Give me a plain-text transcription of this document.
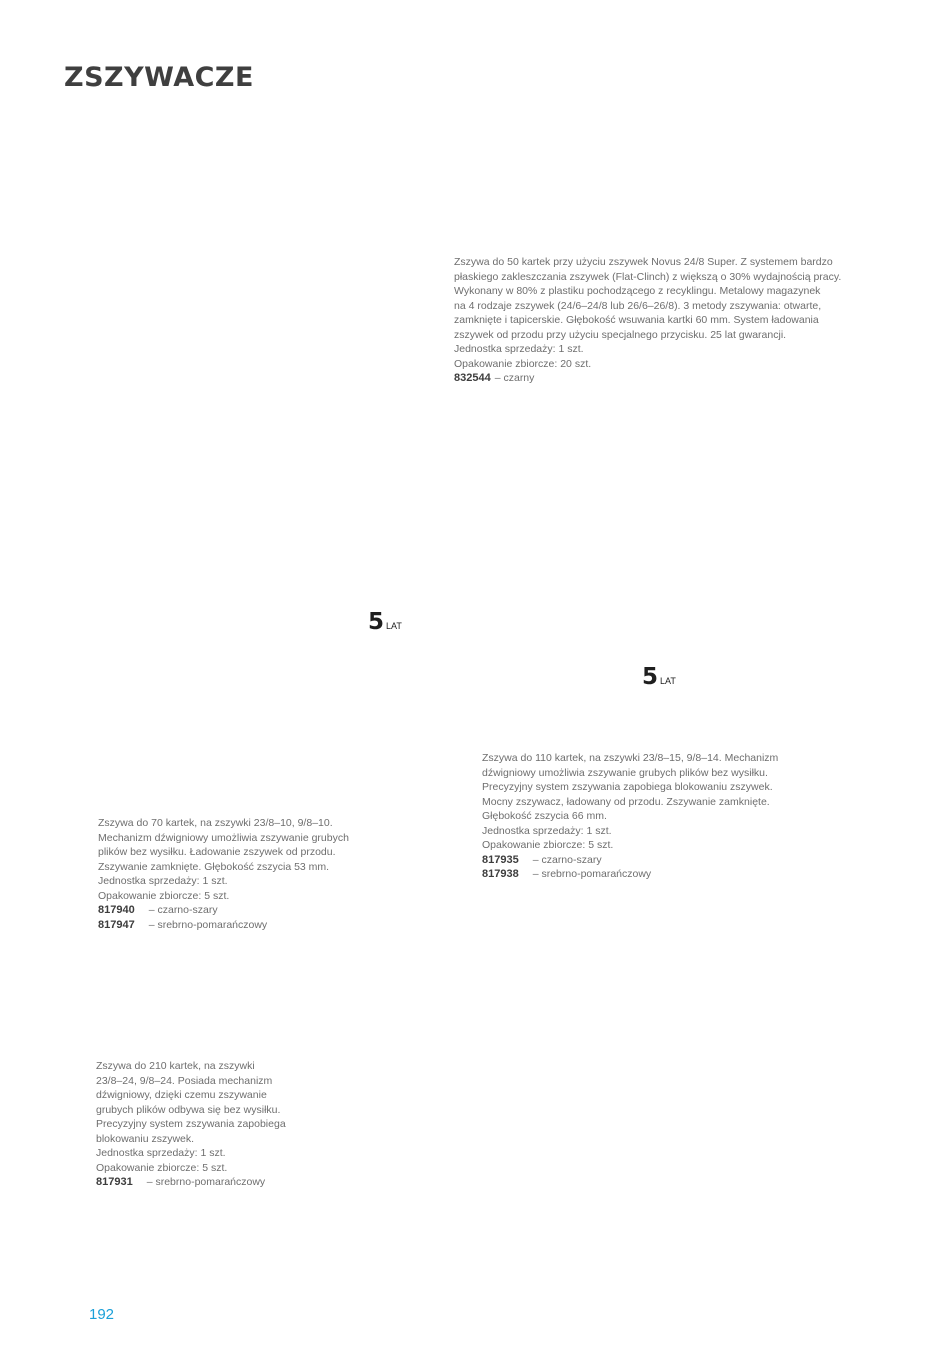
ZSZYWACZE

Zszywa do 50 kartek przy użyciu zszywek Novus 24/8 Super. Z systemem bardzo
płaskiego zakleszczania zszywek (Flat-Clinch) z większą o 30% wydajnością pracy.
Wykonany w 80% z plastiku pochodzącego z recyklingu. Metalowy magazynek
na 4 rodzaje zszywek (24/6–24/8 lub 26/6–26/8). 3 metody zszywania: otwarte,
zamknięte i tapicerskie. Głębokość wsuwania kartki 60 mm. System ładowania
zszywek od przodu przy użyciu specjalnego przycisku. 25 lat gwarancji.
Jednostka sprzedaży: 1 szt.
Opakowanie zbiorcze: 20 szt.

832544 – czarny
5 LAT
5 LAT

Zszywa do 110 kartek, na zszywki 23/8–15, 9/8–14. Mechanizm
dźwigniowy umożliwia zszywanie grubych plików bez wysiłku.
Precyzyjny system zszywania zapobiega blokowaniu zszywek.
Mocny zszywacz, ładowany od przodu. Zszywanie zamknięte.
Głębokość zszycia 66 mm.
Jednostka sprzedaży: 1 szt.
Opakowanie zbiorcze: 5 szt.

817935 – czarno-szary
817938 – srebrno-pomarańczowy

Zszywa do 70 kartek, na zszywki 23/8–10, 9/8–10.
Mechanizm dźwigniowy umożliwia zszywanie grubych
plików bez wysiłku. Ładowanie zszywek od przodu.
Zszywanie zamknięte. Głębokość zszycia 53 mm.
Jednostka sprzedaży: 1 szt.
Opakowanie zbiorcze: 5 szt.

817940 – czarno-szary
817947 – srebrno-pomarańczowy

Zszywa do 210 kartek, na zszywki
23/8–24, 9/8–24. Posiada mechanizm
dźwigniowy, dzięki czemu zszywanie
grubych plików odbywa się bez wysiłku.
Precyzyjny system zszywania zapobiega
blokowaniu zszywek.
Jednostka sprzedaży: 1 szt.
Opakowanie zbiorcze: 5 szt.

817931 – srebrno-pomarańczowy
192
